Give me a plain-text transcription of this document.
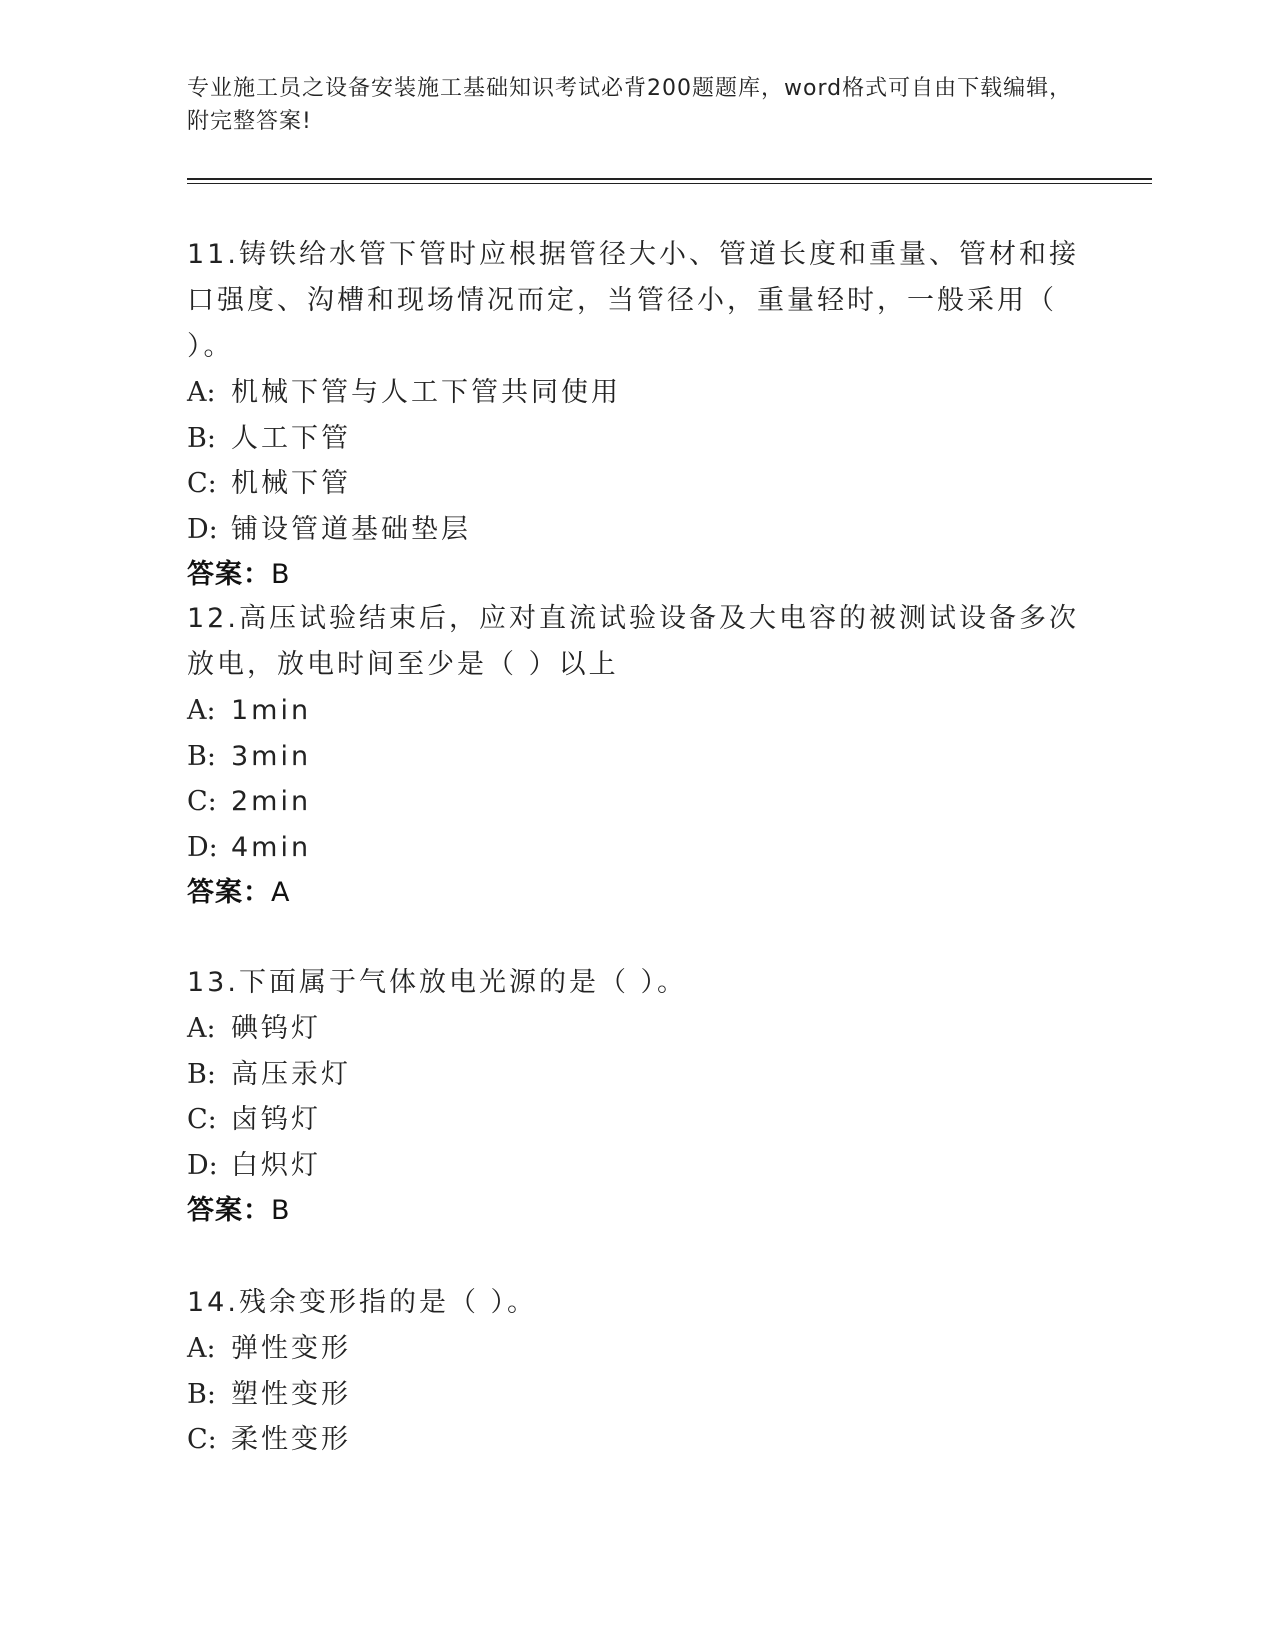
专业施工员之设备安装施工基础知识考试必背200题题库，word格式可自由下载编辑，附完整答案!

11.铸铁给水管下管时应根据管径大小、管道长度和重量、管材和接口强度、沟槽和现场情况而定，当管径小，重量轻时，一般采用（ ）。

A: 机械下管与人工下管共同使用
B: 人工下管
C: 机械下管
D: 铺设管道基础垫层
答案：B

12.高压试验结束后，应对直流试验设备及大电容的被测试设备多次放电，放电时间至少是（ ）以上

A: 1min
B: 3min
C: 2min
D: 4min
答案：A

13.下面属于气体放电光源的是（ ）。

A: 碘钨灯
B: 高压汞灯
C: 卤钨灯
D: 白炽灯
答案：B

14.残余变形指的是（ ）。

A: 弹性变形
B: 塑性变形
C: 柔性变形
